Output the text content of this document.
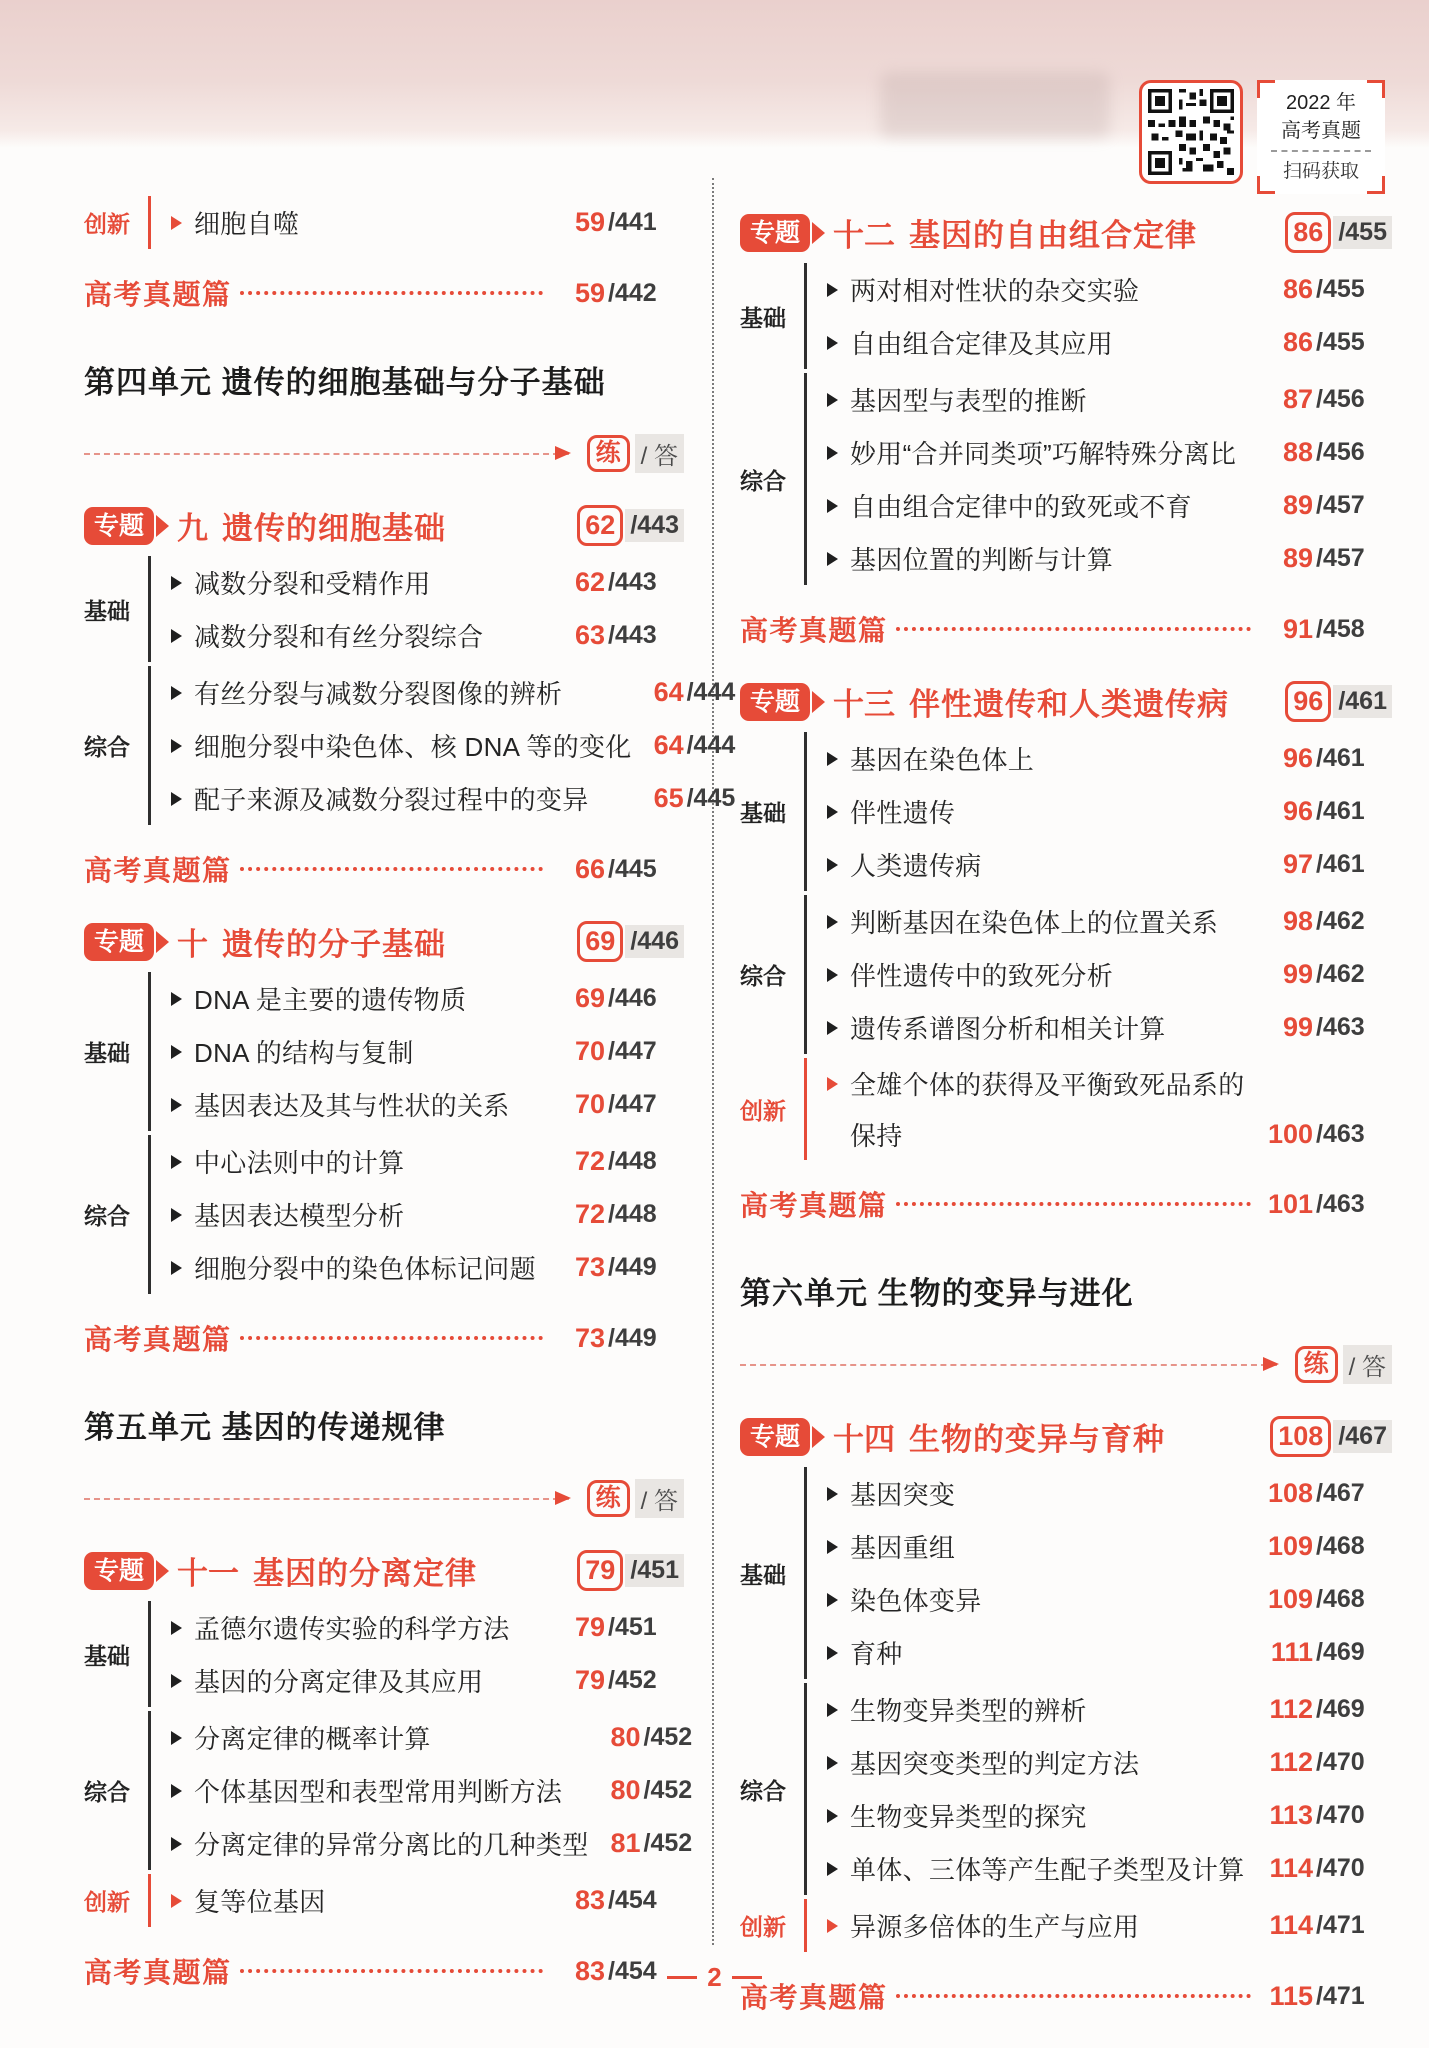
2022 年
高考真题
扫码获取
创新	细胞自噬	59 /441
高考真题篇	59 /442
第四单元 遗传的细胞基础与分子基础
练 / 答
专题	九 遗传的细胞基础	62 /443
基础
减数分裂和受精作用	62 /443
减数分裂和有丝分裂综合	63 /443
综合
有丝分裂与减数分裂图像的辨析	64 /444
细胞分裂中染色体、核 DNA 等的变化 64 /444
配子来源及减数分裂过程中的变异	65 /445
高考真题篇	66 /445
专题	十 遗传的分子基础	69 /446
基础
DNA 是主要的遗传物质	69 /446
DNA 的结构与复制	70 /447
基因表达及其与性状的关系	70 /447
综合
中心法则中的计算	72 /448
基因表达模型分析	72 /448
细胞分裂中的染色体标记问题	73 /449
高考真题篇	73 /449
第五单元 基因的传递规律
练 / 答
专题	十一 基因的分离定律	79 /451
基础
孟德尔遗传实验的科学方法	79 /451
基因的分离定律及其应用	79 /452
综合
分离定律的概率计算	80 /452
个体基因型和表型常用判断方法	80 /452
分离定律的异常分离比的几种类型 81 /452
创新	复等位基因	83 /454
高考真题篇	83 /454
专题	十二 基因的自由组合定律	86 /455
基础
两对相对性状的杂交实验	86 /455
自由组合定律及其应用	86 /455
综合
基因型与表型的推断	87 /456
妙用“合并同类项”巧解特殊分离比	88 /456
自由组合定律中的致死或不育	89 /457
基因位置的判断与计算	89 /457
高考真题篇	91 /458
专题	十三 伴性遗传和人类遗传病 96 /461
基础
基因在染色体上	96 /461
伴性遗传	96 /461
人类遗传病	97 /461
综合
判断基因在染色体上的位置关系	98 /462
伴性遗传中的致死分析	99 /462
遗传系谱图分析和相关计算	99 /463
创新
全雄个体的获得及平衡致死品系的
保持	100 /463
高考真题篇	101 /463
第六单元 生物的变异与进化
练 / 答
专题	十四 生物的变异与育种	108 /467
基础
基因突变	108 /467
基因重组	109 /468
染色体变异	109 /468
育种	111 /469
综合
生物变异类型的辨析	112 /469
基因突变类型的判定方法	112 /470
生物变异类型的探究	113 /470
单体、三体等产生配子类型及计算 114 /470
创新	异源多倍体的生产与应用	114 /471
高考真题篇	115 /471
2
